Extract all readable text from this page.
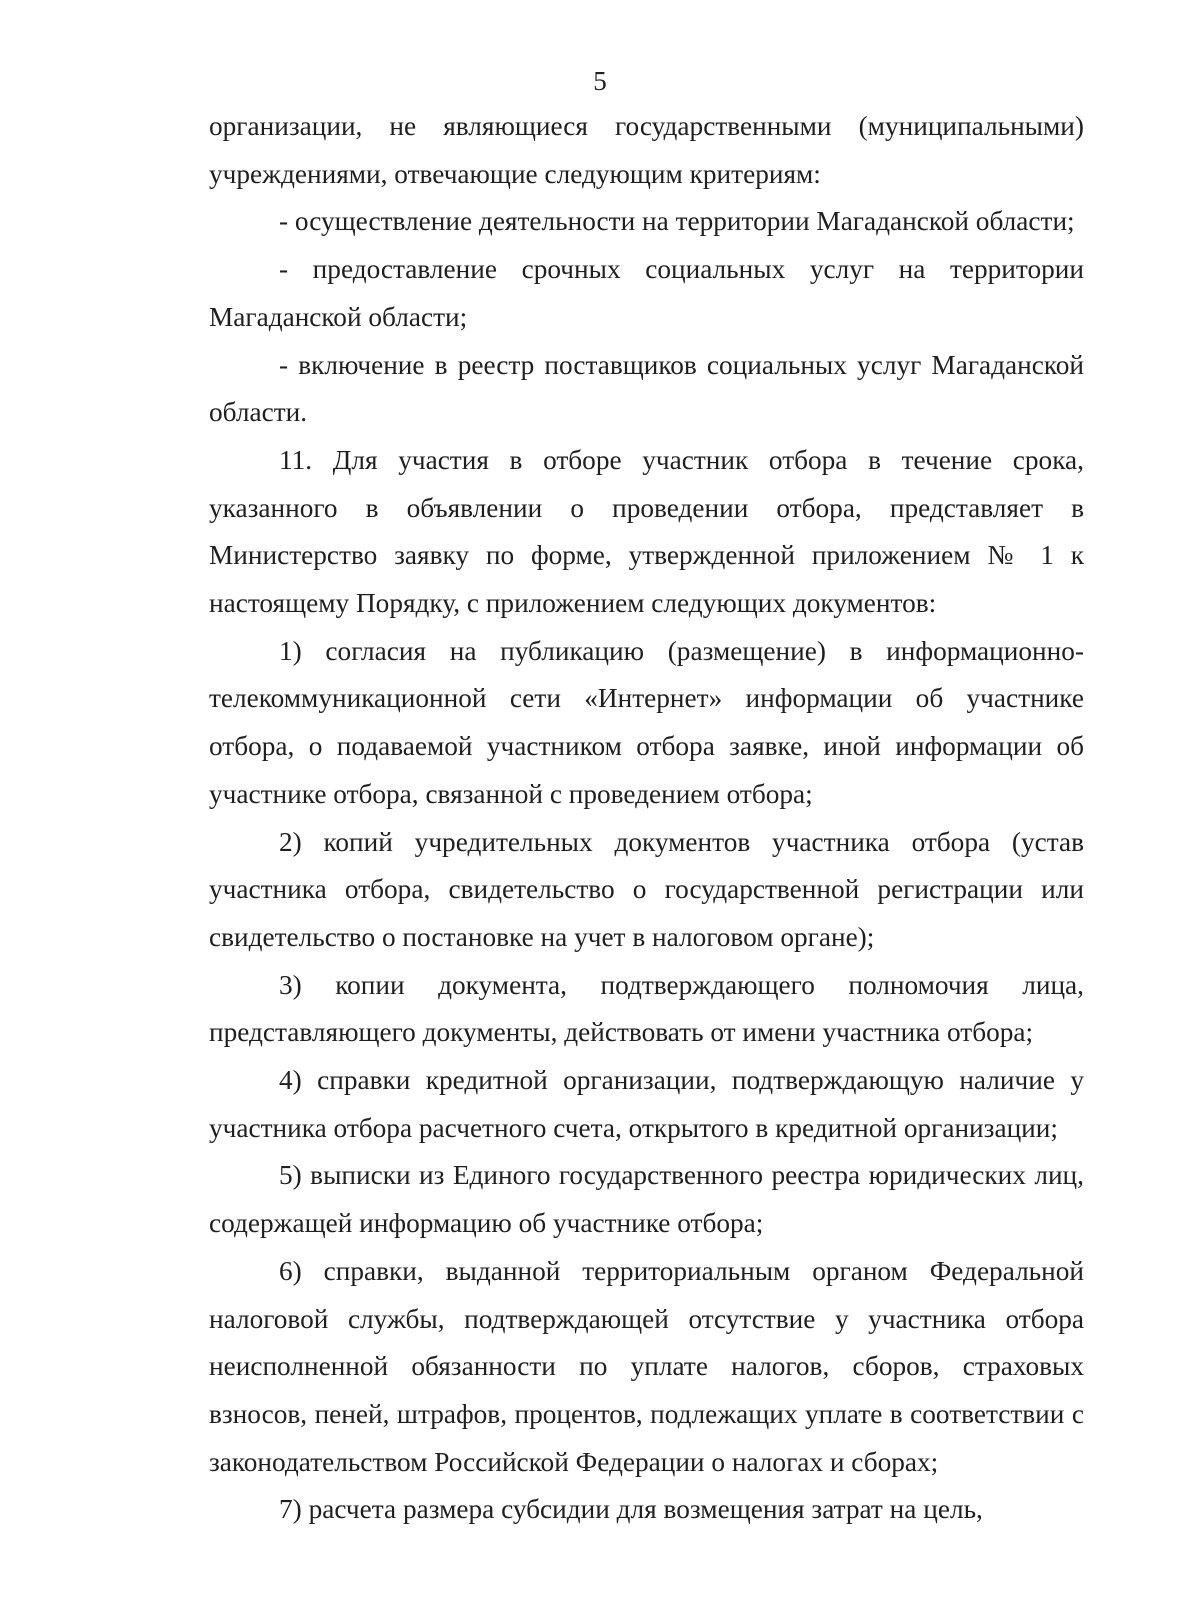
5

организации, не являющиеся государственными (муниципальными) учреждениями, отвечающие следующим критериям:

- осуществление деятельности на территории Магаданской области;

- предоставление срочных социальных услуг на территории Магаданской области;

- включение в реестр поставщиков социальных услуг Магаданской области.

11. Для участия в отборе участник отбора в течение срока, указанного в объявлении о проведении отбора, представляет в Министерство заявку по форме, утвержденной приложением № 1 к настоящему Порядку, с приложением следующих документов:

1) согласия на публикацию (размещение) в информационно-телекоммуникационной сети «Интернет» информации об участнике отбора, о подаваемой участником отбора заявке, иной информации об участнике отбора, связанной с проведением отбора;

2) копий учредительных документов участника отбора (устав участника отбора, свидетельство о государственной регистрации или свидетельство о постановке на учет в налоговом органе);

3) копии документа, подтверждающего полномочия лица, представляющего документы, действовать от имени участника отбора;

4) справки кредитной организации, подтверждающую наличие у участника отбора расчетного счета, открытого в кредитной организации;

5) выписки из Единого государственного реестра юридических лиц, содержащей информацию об участнике отбора;

6) справки, выданной территориальным органом Федеральной налоговой службы, подтверждающей отсутствие у участника отбора неисполненной обязанности по уплате налогов, сборов, страховых взносов, пеней, штрафов, процентов, подлежащих уплате в соответствии с законодательством Российской Федерации о налогах и сборах;

7) расчета размера субсидии для возмещения затрат на цель,
